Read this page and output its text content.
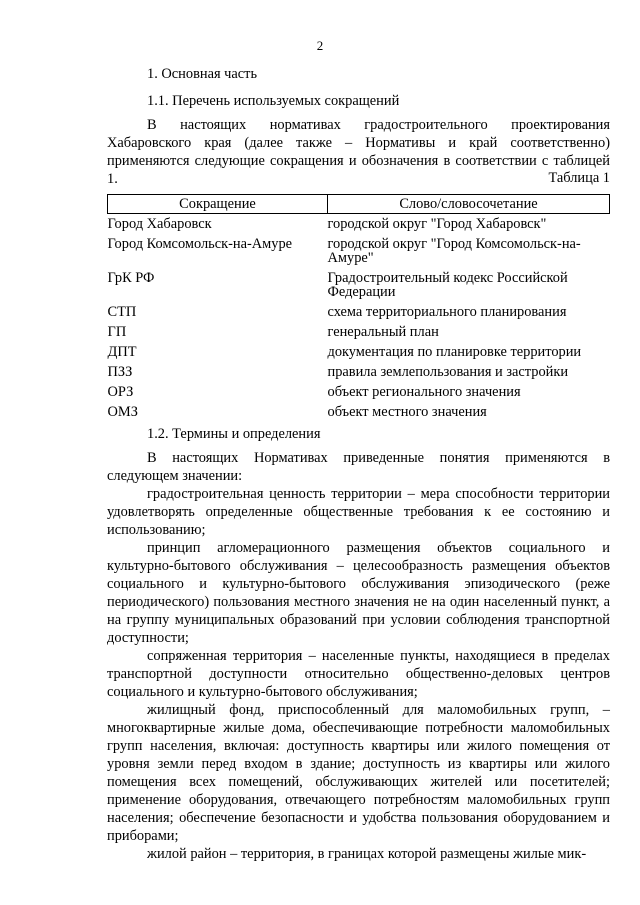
2
1. Основная часть
1.1. Перечень используемых сокращений

В настоящих нормативах градостроительного проектирования Хабаровского края (далее также – Нормативы и край соответственно) применяются следующие сокращения и обозначения в соответствии с таблицей 1.	Таблица 1
Сокращение	Слово/словосочетание
Город Хабаровск	городской округ "Город Хабаровск"
Город Комсомольск-на-Амуре	городской округ "Город Комсомольск-на-Амуре"
ГрК РФ	Градостроительный кодекс Российской Федерации
СТП	схема территориального планирования
ГП	генеральный план
ДПТ	документация по планировке территории
ПЗЗ	правила землепользования и застройки
ОРЗ	объект регионального значения
ОМЗ	объект местного значения
1.2. Термины и определения

В настоящих Нормативах приведенные понятия применяются в следующем значении:

градостроительная ценность территории – мера способности территории удовлетворять определенные общественные требования к ее состоянию и использованию;

принцип агломерационного размещения объектов социального и культурно-бытового обслуживания – целесообразность размещения объектов социального и культурно-бытового обслуживания эпизодического (реже периодического) пользования местного значения не на один населенный пункт, а на группу муниципальных образований при условии соблюдения транспортной доступности;

сопряженная территория – населенные пункты, находящиеся в пределах транспортной доступности относительно общественно-деловых центров социального и культурно-бытового обслуживания;

жилищный фонд, приспособленный для маломобильных групп, – многоквартирные жилые дома, обеспечивающие потребности маломобильных групп населения, включая: доступность квартиры или жилого помещения от уровня земли перед входом в здание; доступность из квартиры или жилого помещения всех помещений, обслуживающих жителей или посетителей; применение оборудования, отвечающего потребностям маломобильных групп населения; обеспечение безопасности и удобства пользования оборудованием и приборами;

жилой район – территория, в границах которой размещены жилые мик-
